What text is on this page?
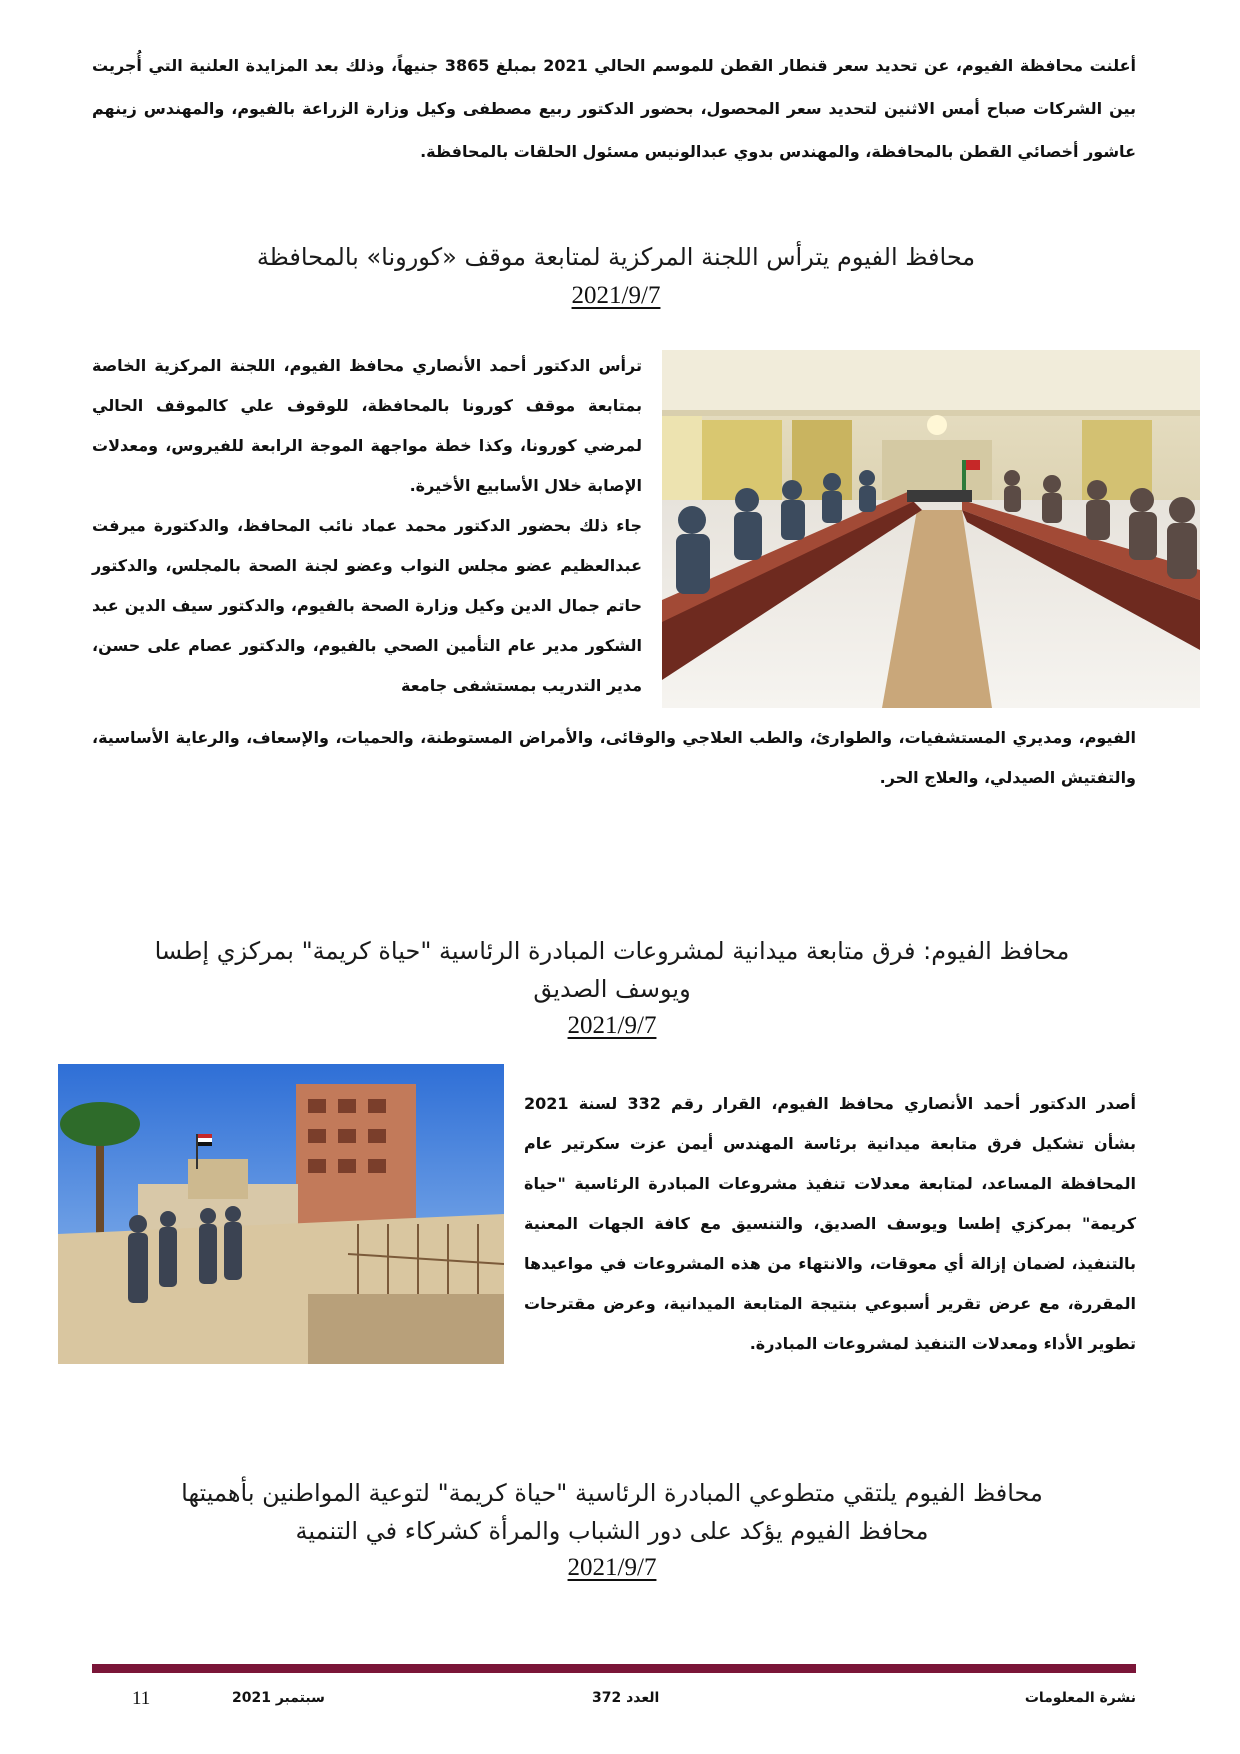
أعلنت محافظة الفيوم، عن تحديد سعر قنطار القطن للموسم الحالي 2021 بمبلغ 3865 جنيهاً، وذلك بعد المزايدة العلنية التي أُجريت بين الشركات صباح أمس الاثنين لتحديد سعر المحصول، بحضور الدكتور ربيع مصطفى وكيل وزارة الزراعة بالفيوم، والمهندس زينهم عاشور أخصائي القطن بالمحافظة، والمهندس بدوي عبدالونيس مسئول الحلقات بالمحافظة.

محافظ الفيوم يترأس اللجنة المركزية لمتابعة موقف «كورونا» بالمحافظة

2021/9/7

ترأس الدكتور أحمد الأنصاري محافظ الفيوم، اللجنة المركزية الخاصة بمتابعة موقف كورونا بالمحافظة، للوقوف علي كالموقف الحالي لمرضي كورونا، وكذا خطة مواجهة الموجة الرابعة للفيروس، ومعدلات الإصابة خلال الأسابيع الأخيرة.

جاء ذلك بحضور الدكتور محمد عماد نائب المحافظ، والدكتورة ميرفت عبدالعظيم عضو مجلس النواب وعضو لجنة الصحة بالمجلس، والدكتور حاتم جمال الدين وكيل وزارة الصحة بالفيوم، والدكتور سيف الدين عبد الشكور مدير عام التأمين الصحي بالفيوم، والدكتور عصام على حسن، مدير التدريب بمستشفى جامعة

الفيوم، ومديري المستشفيات، والطوارئ، والطب العلاجي والوقائى، والأمراض المستوطنة، والحميات، والإسعاف، والرعاية الأساسية، والتفتيش الصيدلي، والعلاج الحر.

محافظ الفيوم: فرق متابعة ميدانية لمشروعات المبادرة الرئاسية "حياة كريمة" بمركزي إطسا

ويوسف الصديق

2021/9/7

أصدر الدكتور أحمد الأنصاري محافظ الفيوم، القرار رقم 332 لسنة 2021 بشأن تشكيل فرق متابعة ميدانية برئاسة المهندس أيمن عزت سكرتير عام المحافظة المساعد، لمتابعة معدلات تنفيذ مشروعات المبادرة الرئاسية "حياة كريمة" بمركزي إطسا ويوسف الصديق، والتنسيق مع كافة الجهات المعنية بالتنفيذ، لضمان إزالة أي معوقات، والانتهاء من هذه المشروعات في مواعيدها المقررة، مع عرض تقرير أسبوعي بنتيجة المتابعة الميدانية، وعرض مقترحات تطوير الأداء ومعدلات التنفيذ لمشروعات المبادرة.

محافظ الفيوم يلتقي متطوعي المبادرة الرئاسية "حياة كريمة" لتوعية المواطنين بأهميتها

محافظ الفيوم يؤكد على دور الشباب والمرأة كشركاء في التنمية

2021/9/7

11	سبتمبر 2021	العدد 372	نشرة المعلومات
